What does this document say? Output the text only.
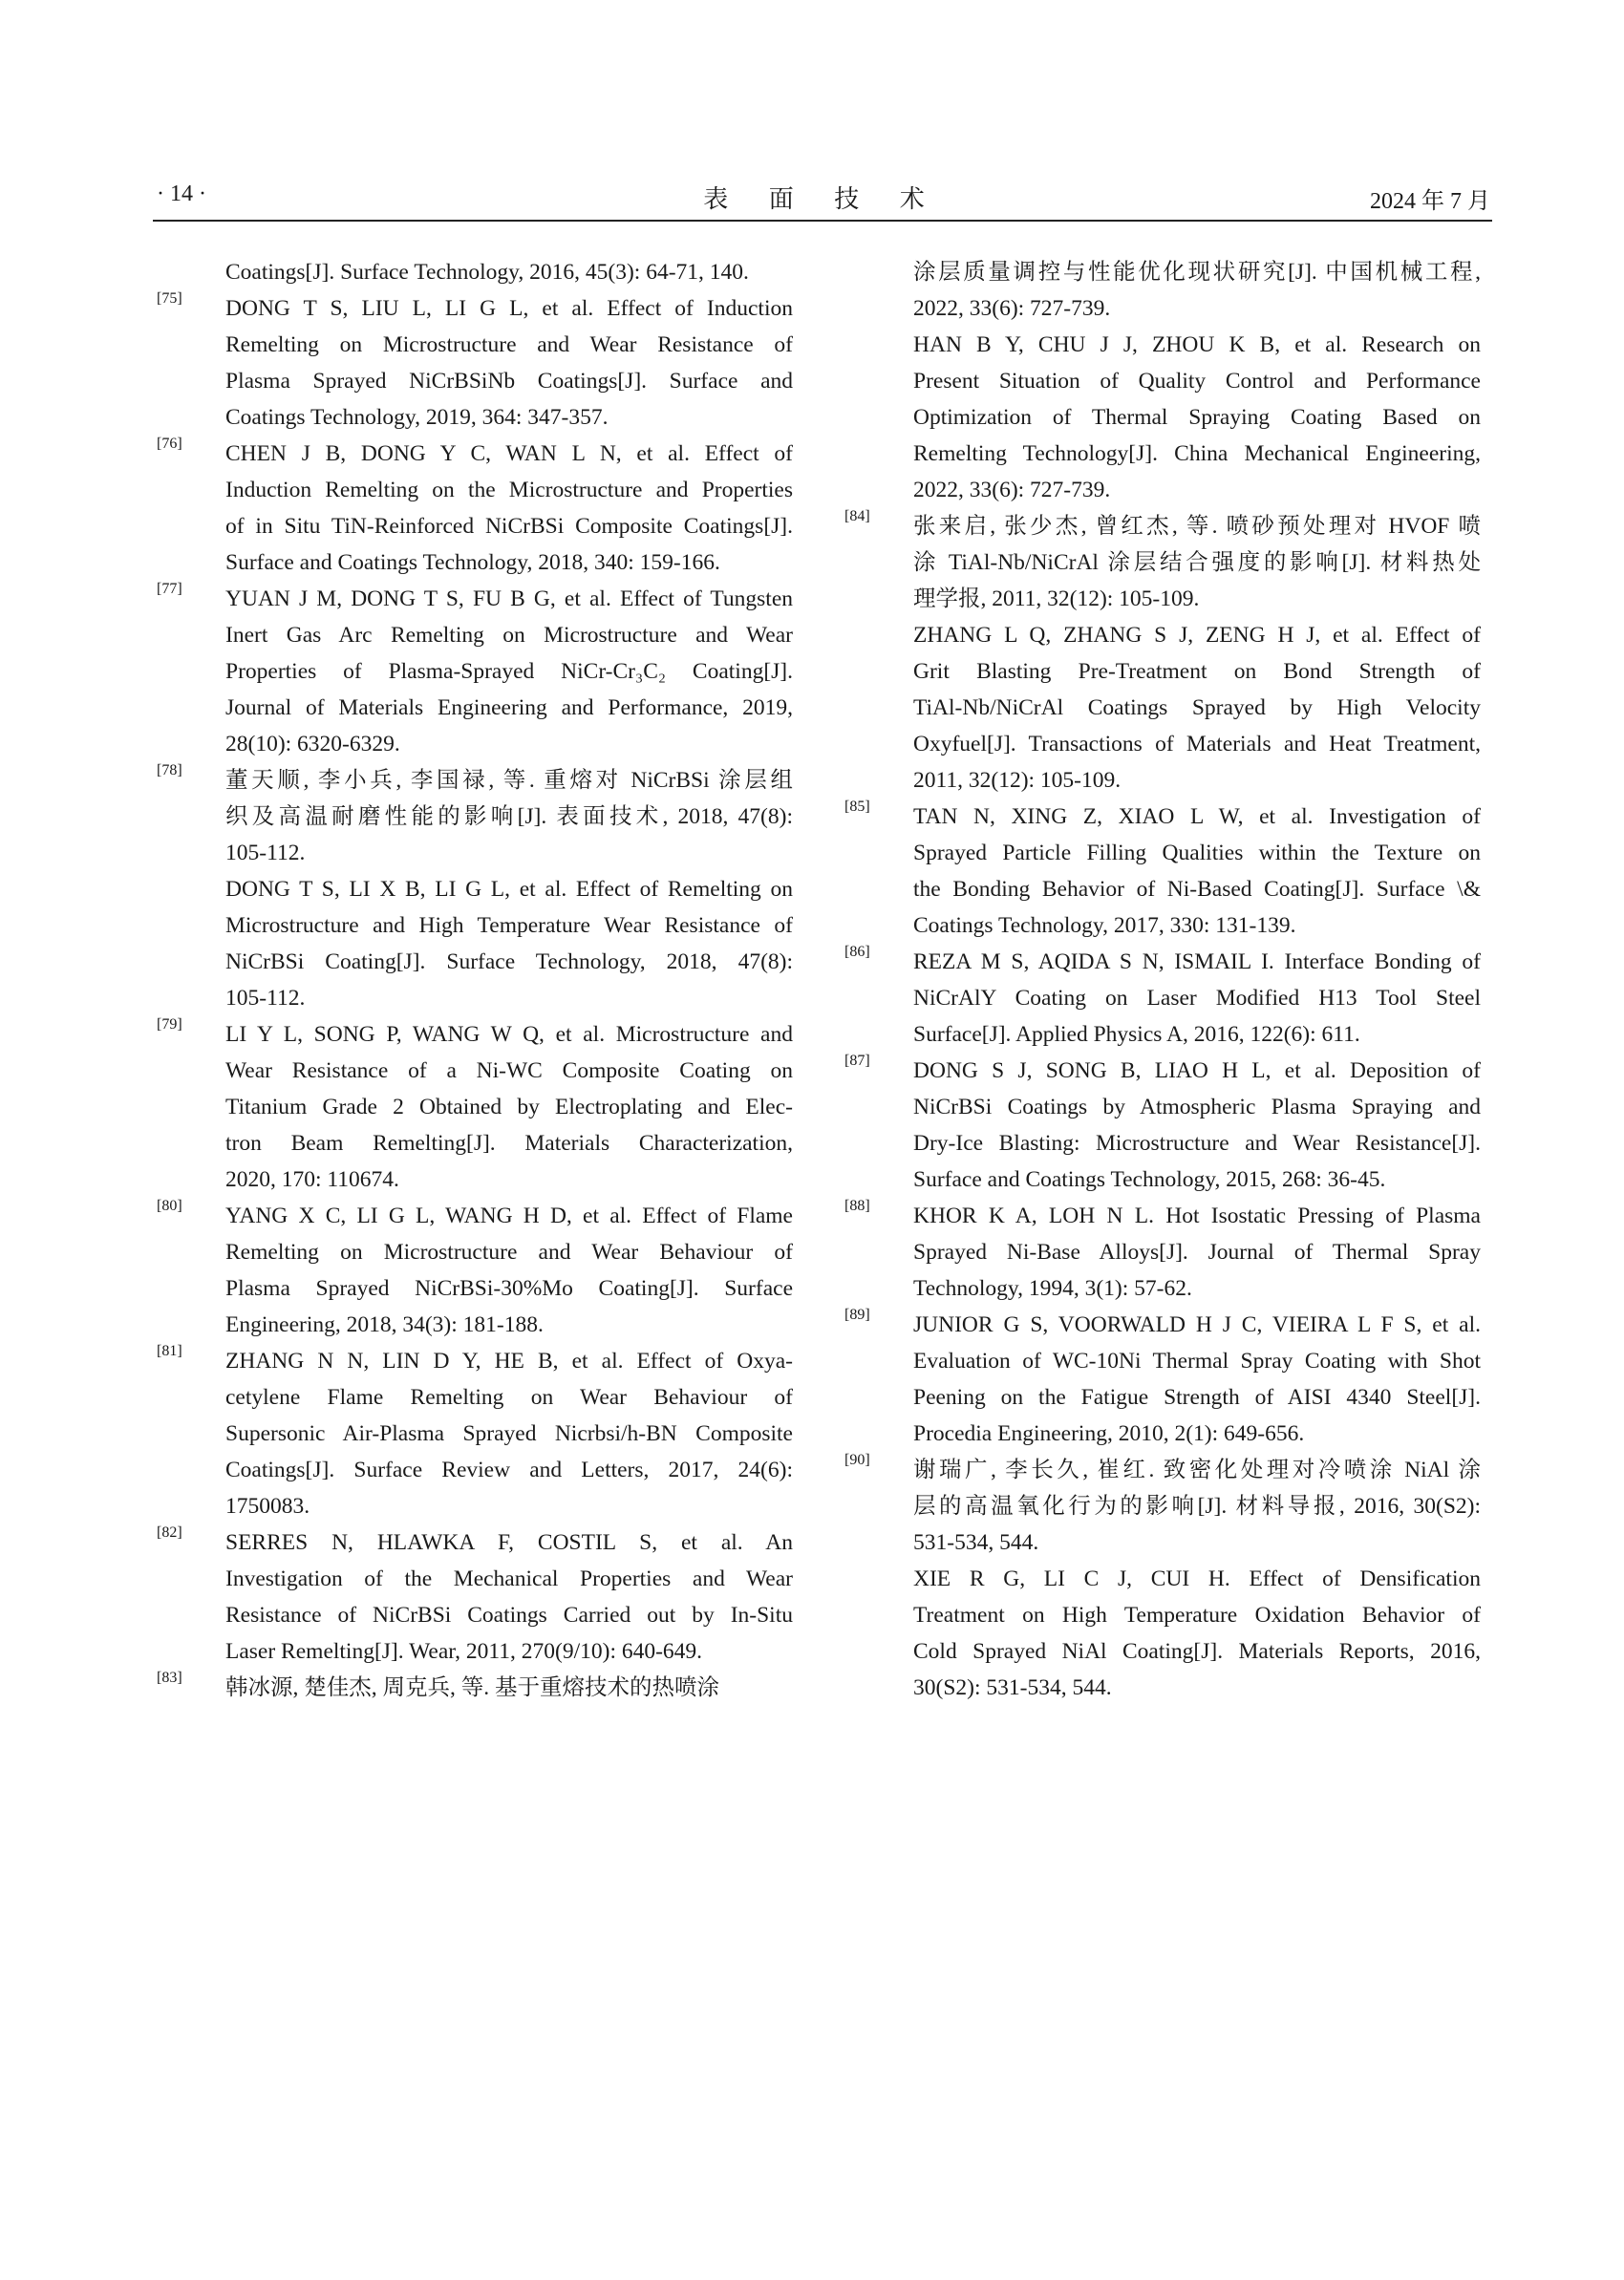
· 14 ·	表 面 技 术	2024 年 7 月
Coatings[J]. Surface Technology, 2016, 45(3): 64-71, 140.
[75] DONG T S, LIU L, LI G L, et al. Effect of Induction
Remelting on Microstructure and Wear Resistance of
Plasma Sprayed NiCrBSiNb Coatings[J]. Surface and
Coatings Technology, 2019, 364: 347-357.
[76] CHEN J B, DONG Y C, WAN L N, et al. Effect of
Induction Remelting on the Microstructure and Properties
of in Situ TiN-Reinforced NiCrBSi Composite Coatings[J].
Surface and Coatings Technology, 2018, 340: 159-166.
[77] YUAN J M, DONG T S, FU B G, et al. Effect of Tungsten
Inert Gas Arc Remelting on Microstructure and Wear
Properties of Plasma-Sprayed NiCr-Cr₃C₂ Coating[J].
Journal of Materials Engineering and Performance, 2019,
28(10): 6320-6329.
[78] 董天顺, 李小兵, 李国禄, 等. 重熔对 NiCrBSi 涂层组
织及高温耐磨性能的影响[J]. 表面技术, 2018, 47(8):
105-112.
DONG T S, LI X B, LI G L, et al. Effect of Remelting on
Microstructure and High Temperature Wear Resistance of
NiCrBSi Coating[J]. Surface Technology, 2018, 47(8):
105-112.
[79] LI Y L, SONG P, WANG W Q, et al. Microstructure and
Wear Resistance of a Ni-WC Composite Coating on
Titanium Grade 2 Obtained by Electroplating and Elec-
tron Beam Remelting[J]. Materials Characterization,
2020, 170: 110674.
[80] YANG X C, LI G L, WANG H D, et al. Effect of Flame
Remelting on Microstructure and Wear Behaviour of
Plasma Sprayed NiCrBSi-30%Mo Coating[J]. Surface
Engineering, 2018, 34(3): 181-188.
[81] ZHANG N N, LIN D Y, HE B, et al. Effect of Oxya-
cetylene Flame Remelting on Wear Behaviour of
Supersonic Air-Plasma Sprayed Nicrbsi/h-BN Composite
Coatings[J]. Surface Review and Letters, 2017, 24(6):
1750083.
[82] SERRES N, HLAWKA F, COSTIL S, et al. An
Investigation of the Mechanical Properties and Wear
Resistance of NiCrBSi Coatings Carried out by In-Situ
Laser Remelting[J]. Wear, 2011, 270(9/10): 640-649.
[83] 韩冰源, 楚佳杰, 周克兵, 等. 基于重熔技术的热喷涂
涂层质量调控与性能优化现状研究[J]. 中国机械工程,
2022, 33(6): 727-739.
HAN B Y, CHU J J, ZHOU K B, et al. Research on
Present Situation of Quality Control and Performance
Optimization of Thermal Spraying Coating Based on
Remelting Technology[J]. China Mechanical Engineering,
2022, 33(6): 727-739.
[84] 张来启, 张少杰, 曾红杰, 等. 喷砂预处理对 HVOF 喷
涂 TiAl-Nb/NiCrAl 涂层结合强度的影响[J]. 材料热处
理学报, 2011, 32(12): 105-109.
ZHANG L Q, ZHANG S J, ZENG H J, et al. Effect of
Grit Blasting Pre-Treatment on Bond Strength of
TiAl-Nb/NiCrAl Coatings Sprayed by High Velocity
Oxyfuel[J]. Transactions of Materials and Heat Treatment,
2011, 32(12): 105-109.
[85] TAN N, XING Z, XIAO L W, et al. Investigation of
Sprayed Particle Filling Qualities within the Texture on
the Bonding Behavior of Ni-Based Coating[J]. Surface \&
Coatings Technology, 2017, 330: 131-139.
[86] REZA M S, AQIDA S N, ISMAIL I. Interface Bonding of
NiCrAlY Coating on Laser Modified H13 Tool Steel
Surface[J]. Applied Physics A, 2016, 122(6): 611.
[87] DONG S J, SONG B, LIAO H L, et al. Deposition of
NiCrBSi Coatings by Atmospheric Plasma Spraying and
Dry-Ice Blasting: Microstructure and Wear Resistance[J].
Surface and Coatings Technology, 2015, 268: 36-45.
[88] KHOR K A, LOH N L. Hot Isostatic Pressing of Plasma
Sprayed Ni-Base Alloys[J]. Journal of Thermal Spray
Technology, 1994, 3(1): 57-62.
[89] JUNIOR G S, VOORWALD H J C, VIEIRA L F S, et al.
Evaluation of WC-10Ni Thermal Spray Coating with Shot
Peening on the Fatigue Strength of AISI 4340 Steel[J].
Procedia Engineering, 2010, 2(1): 649-656.
[90] 谢瑞广, 李长久, 崔红. 致密化处理对冷喷涂 NiAl 涂
层的高温氧化行为的影响[J]. 材料导报, 2016, 30(S2):
531-534, 544.
XIE R G, LI C J, CUI H. Effect of Densification
Treatment on High Temperature Oxidation Behavior of
Cold Sprayed NiAl Coating[J]. Materials Reports, 2016,
30(S2): 531-534, 544.
